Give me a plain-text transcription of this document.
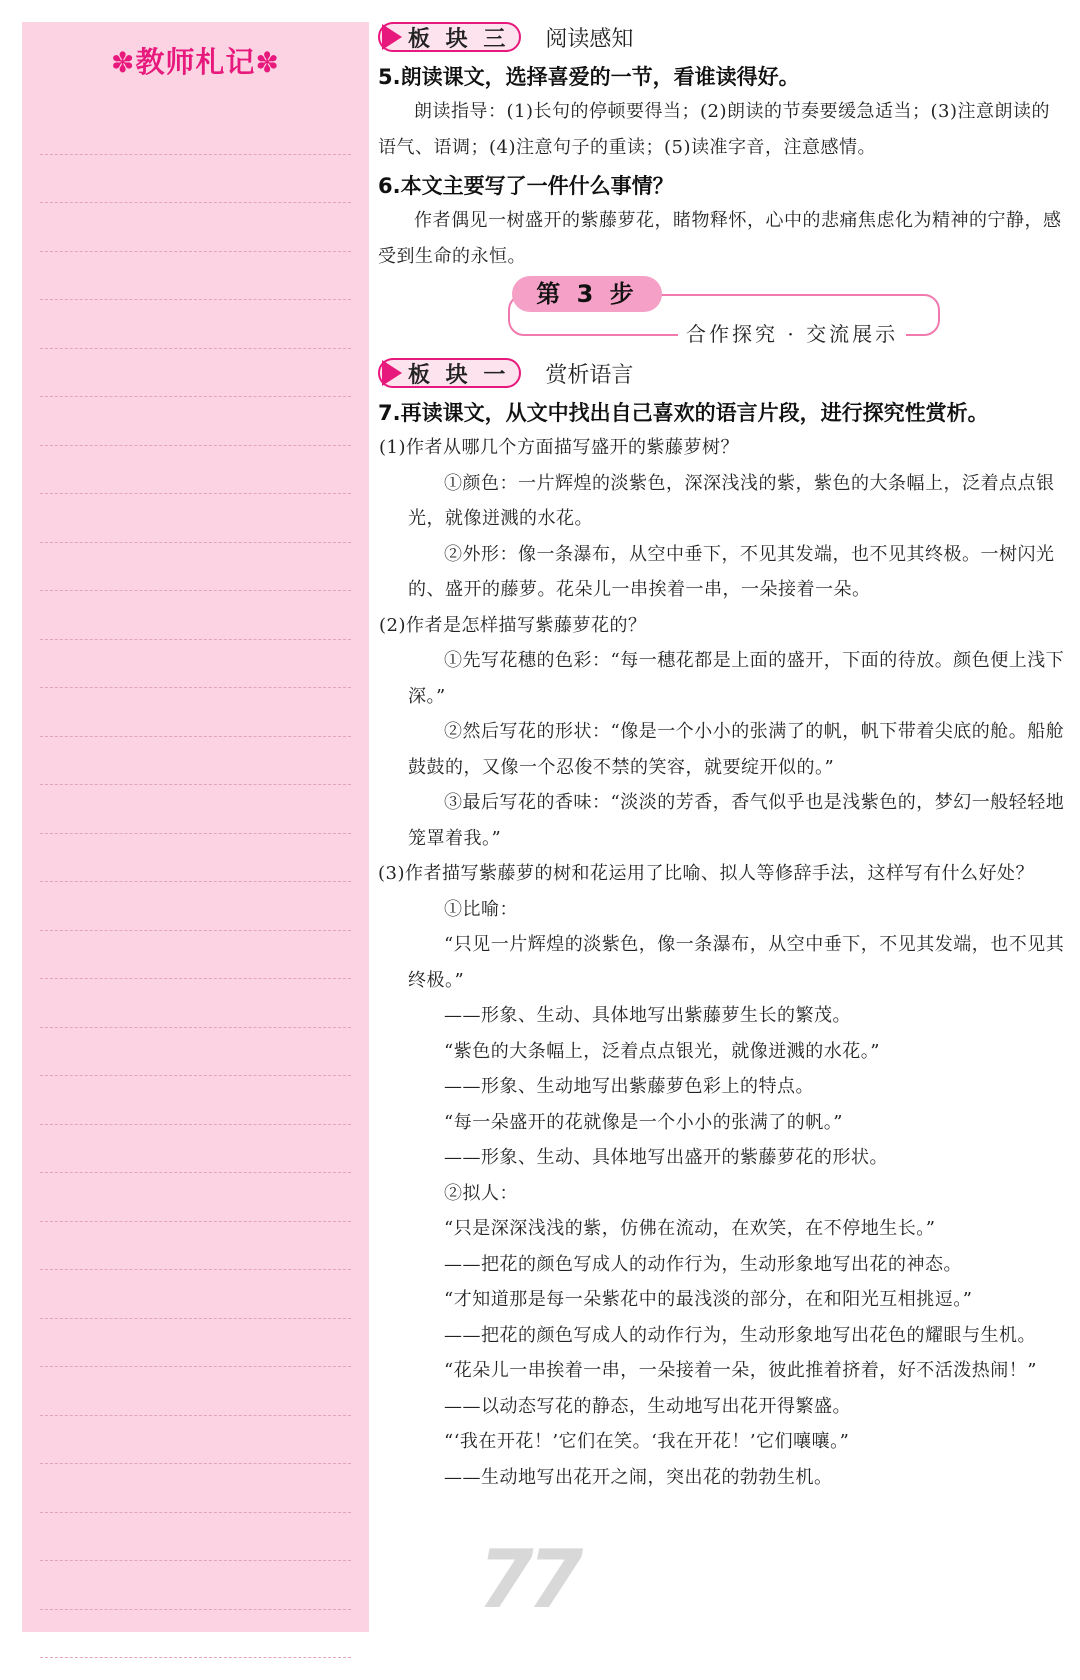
✽教师札记✽
77
板 块 三 阅读感知
5.朗读课文，选择喜爱的一节，看谁读得好。

朗读指导：(1)长句的停顿要得当；(2)朗读的节奏要缓急适当；(3)注意朗读的语气、语调；(4)注意句子的重读；(5)读准字音，注意感情。

6.本文主要写了一件什么事情？

作者偶见一树盛开的紫藤萝花，睹物释怀，心中的悲痛焦虑化为精神的宁静，感受到生命的永恒。

第 3 步
合作探究 · 交流展示
板 块 一 赏析语言
7.再读课文，从文中找出自己喜欢的语言片段，进行探究性赏析。

(1)作者从哪几个方面描写盛开的紫藤萝树？

①颜色：一片辉煌的淡紫色，深深浅浅的紫，紫色的大条幅上，泛着点点银光，就像迸溅的水花。

②外形：像一条瀑布，从空中垂下，不见其发端，也不见其终极。一树闪光的、盛开的藤萝。花朵儿一串挨着一串，一朵接着一朵。

(2)作者是怎样描写紫藤萝花的？

①先写花穗的色彩：“每一穗花都是上面的盛开，下面的待放。颜色便上浅下深。”

②然后写花的形状：“像是一个小小的张满了的帆，帆下带着尖底的舱。船舱鼓鼓的，又像一个忍俊不禁的笑容，就要绽开似的。”

③最后写花的香味：“淡淡的芳香，香气似乎也是浅紫色的，梦幻一般轻轻地笼罩着我。”

(3)作者描写紫藤萝的树和花运用了比喻、拟人等修辞手法，这样写有什么好处？

①比喻：

“只见一片辉煌的淡紫色，像一条瀑布，从空中垂下，不见其发端，也不见其终极。”

——形象、生动、具体地写出紫藤萝生长的繁茂。

“紫色的大条幅上，泛着点点银光，就像迸溅的水花。”

——形象、生动地写出紫藤萝色彩上的特点。

“每一朵盛开的花就像是一个小小的张满了的帆。”

——形象、生动、具体地写出盛开的紫藤萝花的形状。

②拟人：

“只是深深浅浅的紫，仿佛在流动，在欢笑，在不停地生长。”

——把花的颜色写成人的动作行为，生动形象地写出花的神态。

“才知道那是每一朵紫花中的最浅淡的部分，在和阳光互相挑逗。”

——把花的颜色写成人的动作行为，生动形象地写出花色的耀眼与生机。

“花朵儿一串挨着一串，一朵接着一朵，彼此推着挤着，好不活泼热闹！”

——以动态写花的静态，生动地写出花开得繁盛。

“‘我在开花！’它们在笑。‘我在开花！’它们嚷嚷。”

——生动地写出花开之闹，突出花的勃勃生机。
